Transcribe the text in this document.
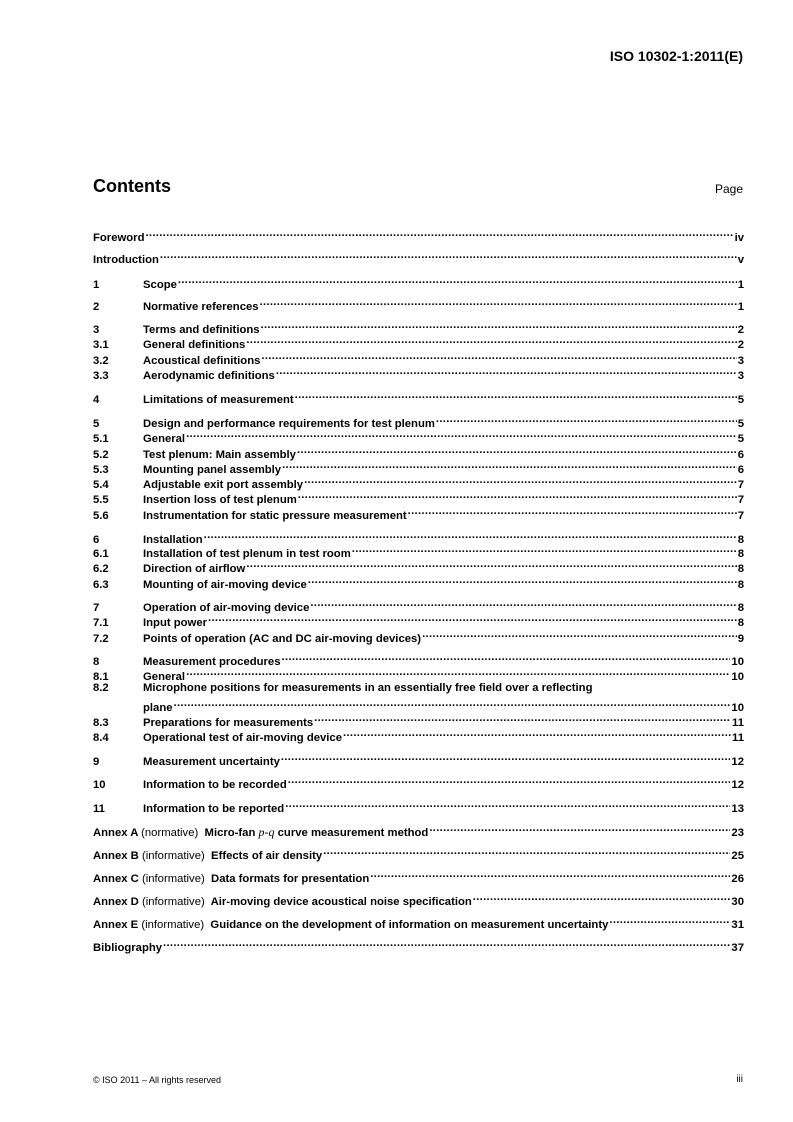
ISO 10302-1:2011(E)
Contents	Page
Foreword .....	iv
Introduction .....	v
1	Scope .....	1
2	Normative references .....	1
3	Terms and definitions .....	2
3.1	General definitions .....	2
3.2	Acoustical definitions .....	3
3.3	Aerodynamic definitions .....	3
4	Limitations of measurement .....	5
5	Design and performance requirements for test plenum .....	5
5.1	General .....	5
5.2	Test plenum: Main assembly .....	6
5.3	Mounting panel assembly .....	6
5.4	Adjustable exit port assembly .....	7
5.5	Insertion loss of test plenum .....	7
5.6	Instrumentation for static pressure measurement .....	7
6	Installation .....	8
6.1	Installation of test plenum in test room .....	8
6.2	Direction of airflow .....	8
6.3	Mounting of air-moving device .....	8
7	Operation of air-moving device .....	8
7.1	Input power .....	8
7.2	Points of operation (AC and DC air-moving devices) .....	9
8	Measurement procedures .....	10
8.1	General .....	10
8.2	Microphone positions for measurements in an essentially free field over a reflecting
plane .....	10
8.3	Preparations for measurements .....	11
8.4	Operational test of air-moving device .....	11
9	Measurement uncertainty .....	12
10	Information to be recorded .....	12
11	Information to be reported .....	13
Annex A (normative) Micro-fan p-q curve measurement method .....	23
Annex B (informative) Effects of air density .....	25
Annex C (informative) Data formats for presentation .....	26
Annex D (informative) Air-moving device acoustical noise specification .....	30
Annex E (informative) Guidance on the development of information on measurement uncertainty .....	31
Bibliography .....	37
© ISO 2011 – All rights reserved	iii
